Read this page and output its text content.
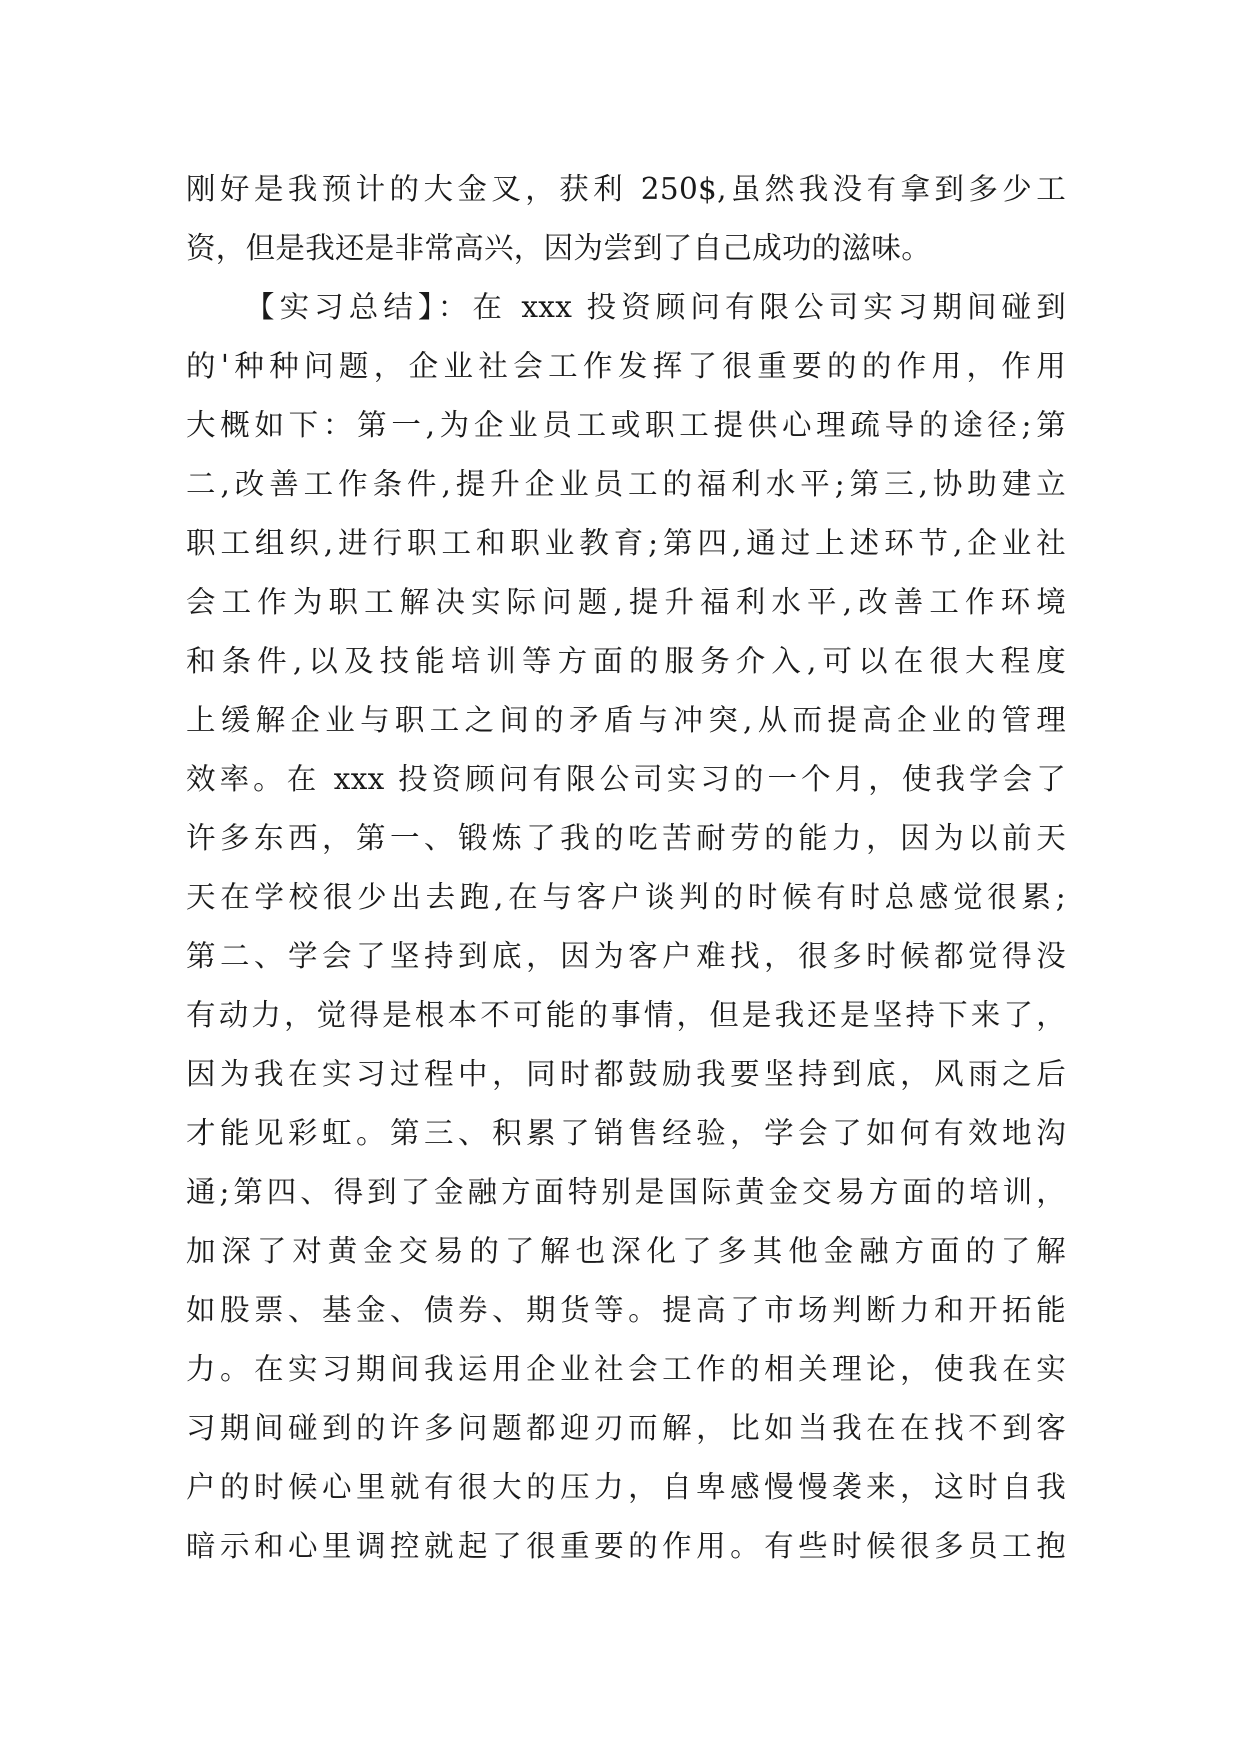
刚好是我预计的大金叉，获利 250$,虽然我没有拿到多少工
资，但是我还是非常高兴，因为尝到了自己成功的滋味。
【实习总结】：在 xxx 投资顾问有限公司实习期间碰到
的'种种问题，企业社会工作发挥了很重要的的作用，作用
大概如下：第一,为企业员工或职工提供心理疏导的途径;第
二,改善工作条件,提升企业员工的福利水平;第三,协助建立
职工组织,进行职工和职业教育;第四,通过上述环节,企业社
会工作为职工解决实际问题,提升福利水平,改善工作环境
和条件,以及技能培训等方面的服务介入,可以在很大程度
上缓解企业与职工之间的矛盾与冲突,从而提高企业的管理
效率。在 xxx 投资顾问有限公司实习的一个月，使我学会了
许多东西，第一、锻炼了我的吃苦耐劳的能力，因为以前天
天在学校很少出去跑,在与客户谈判的时候有时总感觉很累;
第二、学会了坚持到底，因为客户难找，很多时候都觉得没
有动力，觉得是根本不可能的事情，但是我还是坚持下来了，
因为我在实习过程中，同时都鼓励我要坚持到底，风雨之后
才能见彩虹。第三、积累了销售经验，学会了如何有效地沟
通;第四、得到了金融方面特别是国际黄金交易方面的培训，
加深了对黄金交易的了解也深化了多其他金融方面的了解
如股票、基金、债券、期货等。提高了市场判断力和开拓能
力。在实习期间我运用企业社会工作的相关理论，使我在实
习期间碰到的许多问题都迎刃而解，比如当我在在找不到客
户的时候心里就有很大的压力，自卑感慢慢袭来，这时自我
暗示和心里调控就起了很重要的作用。有些时候很多员工抱
